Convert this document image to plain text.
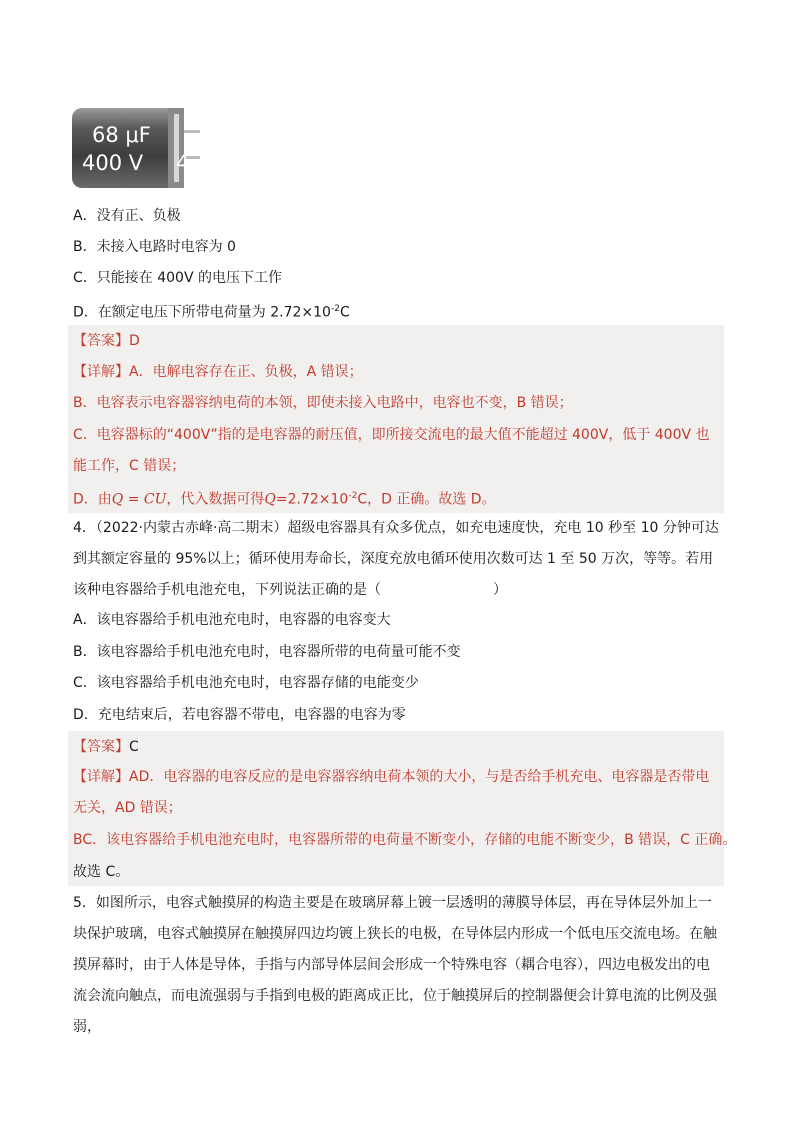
68 μF
400 V 4
A．没有正、负极
B．未接入电路时电容为 0
C．只能接在 400V 的电压下工作
D．在额定电压下所带电荷量为 $2.72\times 10^{-2}C$
【答案】D
【详解】A．电解电容存在正、负极，A 错误；
B．电容表示电容器容纳电荷的本领，即使未接入电路中，电容也不变，B 错误；
C．电容器标的“400V”指的是电容器的耐压值，即所接交流电的最大值不能超过 400V，低于 400V 也能工作，C 错误；
D．由Q = CU，代入数据可得$Q=2.72\times 10^{-2}C$，D 正确。故选 D。
4．（2022·内蒙古赤峰·高二期末）超级电容器具有众多优点，如充电速度快，充电 10 秒至 10 分钟可达到其额定容量的 95%以上；循环使用寿命长，深度充放电循环使用次数可达 1 至 50 万次，等等。若用该种电容器给手机电池充电，下列说法正确的是（	）
A．该电容器给手机电池充电时，电容器的电容变大
B．该电容器给手机电池充电时，电容器所带的电荷量可能不变
C．该电容器给手机电池充电时，电容器存储的电能变少
D．充电结束后，若电容器不带电，电容器的电容为零
【答案】C
【详解】AD．电容器的电容反应的是电容器容纳电荷本领的大小，与是否给手机充电、电容器是否带电无关，AD 错误；
BC．该电容器给手机电池充电时，电容器所带的电荷量不断变小，存储的电能不断变少，B 错误，C 正确。
故选 C。
5．如图所示，电容式触摸屏的构造主要是在玻璃屏幕上镀一层透明的薄膜导体层，再在导体层外加上一块保护玻璃，电容式触摸屏在触摸屏四边均镀上狭长的电极，在导体层内形成一个低电压交流电场。在触摸屏幕时，由于人体是导体，手指与内部导体层间会形成一个特殊电容（耦合电容），四边电极发出的电流会流向触点，而电流强弱与手指到电极的距离成正比，位于触摸屏后的控制器便会计算电流的比例及强弱，
